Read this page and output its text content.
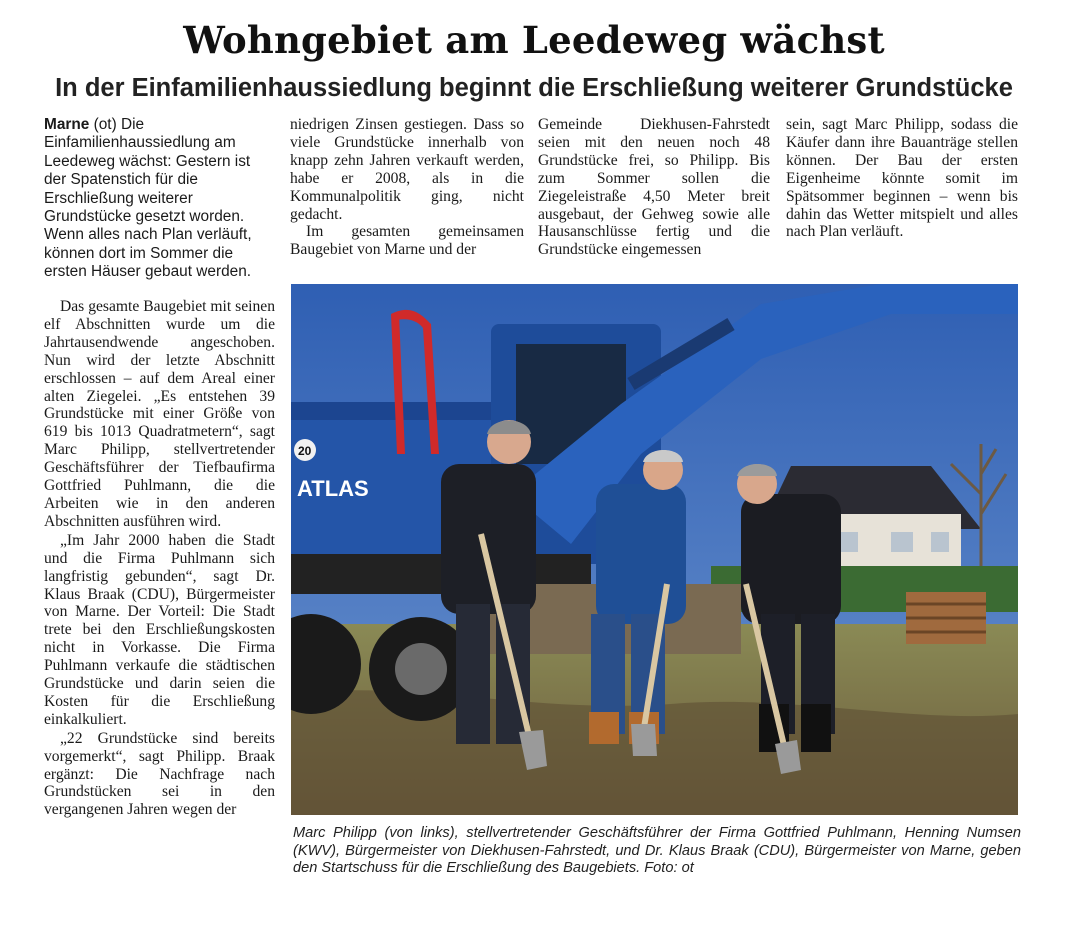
Wohngebiet am Leedeweg wächst
In der Einfamilienhaussiedlung beginnt die Erschließung weiterer Grundstücke
Marne (ot) Die Einfamilienhaussiedlung am Leedeweg wächst: Gestern ist der Spatenstich für die Erschließung weiterer Grundstücke gesetzt worden. Wenn alles nach Plan verläuft, können dort im Sommer die ersten Häuser gebaut werden.

Das gesamte Baugebiet mit seinen elf Abschnitten wurde um die Jahrtausendwende angeschoben. Nun wird der letzte Abschnitt erschlossen – auf dem Areal einer alten Ziegelei. „Es entstehen 39 Grundstücke mit einer Größe von 619 bis 1013 Quadratmetern“, sagt Marc Philipp, stellvertretender Geschäftsführer der Tiefbaufirma Gottfried Puhlmann, die die Arbeiten wie in den anderen Abschnitten ausführen wird.

„Im Jahr 2000 haben die Stadt und die Firma Puhlmann sich langfristig gebunden“, sagt Dr. Klaus Braak (CDU), Bürgermeister von Marne. Der Vorteil: Die Stadt trete bei den Erschließungskosten nicht in Vorkasse. Die Firma Puhlmann verkaufe die städtischen Grundstücke und darin seien die Kosten für die Erschließung einkalkuliert.

„22 Grundstücke sind bereits vorgemerkt“, sagt Philipp. Braak ergänzt: Die Nachfrage nach Grundstücken sei in den vergangenen Jahren wegen der

niedrigen Zinsen gestiegen. Dass so viele Grundstücke innerhalb von knapp zehn Jahren verkauft werden, habe er 2008, als in die Kommunalpolitik ging, nicht gedacht.

Im gesamten gemeinsamen Baugebiet von Marne und der

Gemeinde Diekhusen-Fahrstedt seien mit den neuen noch 48 Grundstücke frei, so Philipp. Bis zum Sommer sollen die Ziegeleistraße 4,50 Meter breit ausgebaut, der Gehweg sowie alle Hausanschlüsse fertig und die Grundstücke eingemessen

sein, sagt Marc Philipp, sodass die Käufer dann ihre Bauanträge stellen können. Der Bau der ersten Eigenheime könnte somit im Spätsommer beginnen – wenn bis dahin das Wetter mitspielt und alles nach Plan verläuft.

ATLAS
20

Marc Philipp (von links), stellvertretender Geschäftsführer der Firma Gottfried Puhlmann, Henning Numsen (KWV), Bürgermeister von Diekhusen-Fahrstedt, und Dr. Klaus Braak (CDU), Bürgermeister von Marne, geben den Startschuss für die Erschließung des Baugebiets. Foto: ot
